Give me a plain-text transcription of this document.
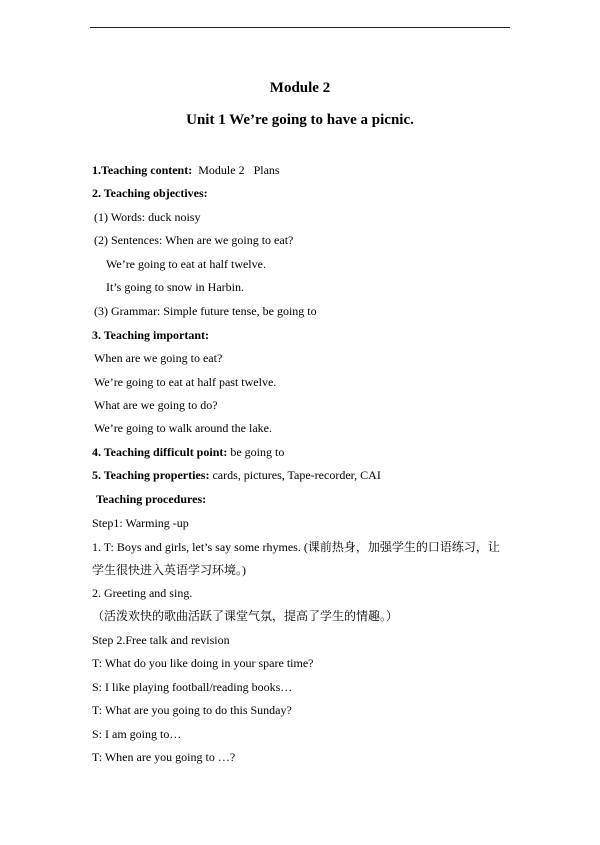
Module 2
Unit 1 We’re going to have a picnic.
1.Teaching content: Module 2   Plans
2. Teaching objectives:
(1) Words: duck noisy
(2) Sentences: When are we going to eat?
We’re going to eat at half twelve.
It’s going to snow in Harbin.
(3) Grammar: Simple future tense, be going to
3. Teaching important:
When are we going to eat?
We’re going to eat at half past twelve.
What are we going to do?
We’re going to walk around the lake.
4. Teaching difficult point: be going to
5. Teaching properties: cards, pictures, Tape-recorder, CAI
Teaching procedures:
Step1: Warming -up
1. T: Boys and girls, let’s say some rhymes. (课前热身，加强学生的口语练习，让
学生很快进入英语学习环境。)
2. Greeting and sing.
（活泼欢快的歌曲活跃了课堂气氛，提高了学生的情趣。）
Step 2.Free talk and revision
T: What do you like doing in your spare time?
S: I like playing football/reading books…
T: What are you going to do this Sunday?
S: I am going to…
T: When are you going to …?
